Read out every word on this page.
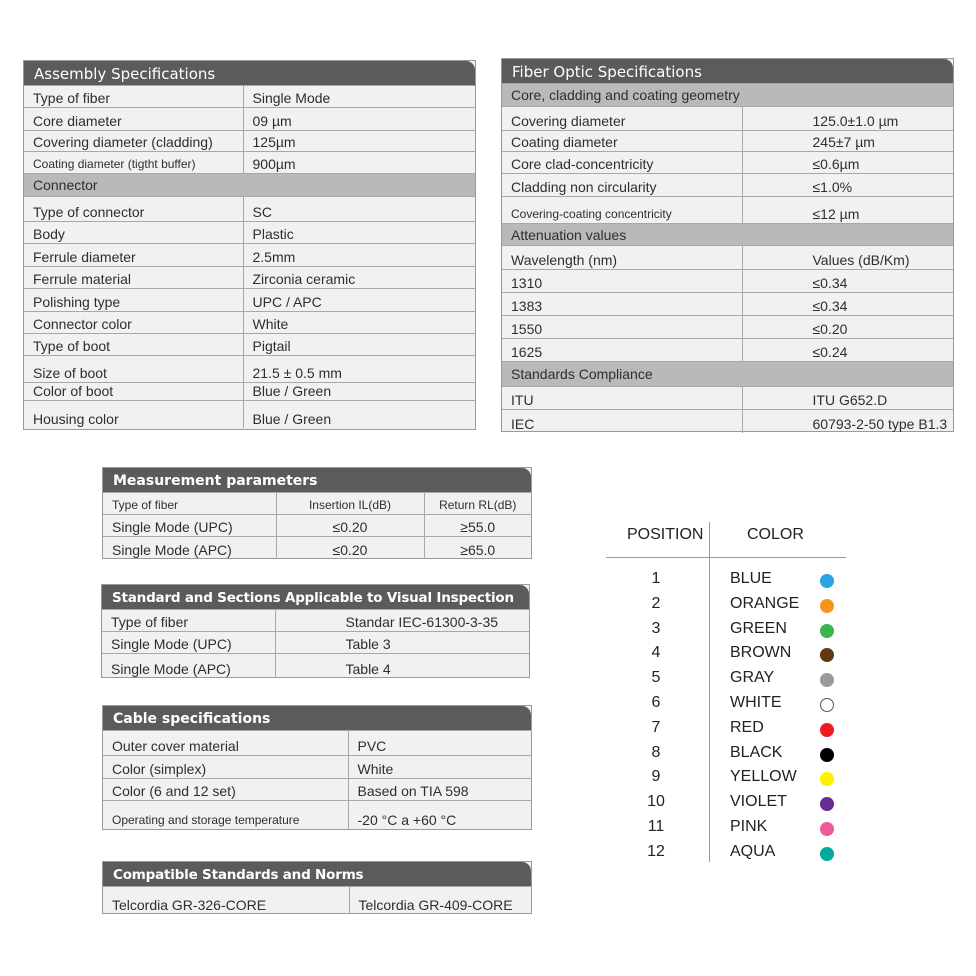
Assembly Specifications
Type of fiber	Single Mode
Core diameter	09 µm
Covering diameter (cladding)	125µm
Coating diameter (tigtht buffer)	900µm
Connector	
Type of connector	SC
Body	Plastic
Ferrule diameter	2.5mm
Ferrule material	Zirconia ceramic
Polishing type	UPC / APC
Connector color	White
Type of boot	Pigtail
Size of boot	21.5 ± 0.5 mm
Color of boot	Blue / Green
Housing color	Blue / Green
Fiber Optic Specifications
Core, cladding and coating geometry	
Covering diameter	125.0±1.0 µm
Coating diameter	245±7 µm
Core clad-concentricity	≤0.6µm
Cladding non circularity	≤1.0%
Covering-coating concentricity	≤12 µm
Attenuation values	
Wavelength (nm)	Values (dB/Km)
1310	≤0.34
1383	≤0.34
1550	≤0.20
1625	≤0.24
Standards Compliance	
ITU	ITU G652.D
IEC	60793-2-50 type B1.3
Measurement parameters
Type of fiber	Insertion IL(dB)	Return RL(dB)
Single Mode (UPC)	≤0.20	≥55.0
Single Mode (APC)	≤0.20	≥65.0
Standard and Sections Applicable to Visual Inspection
Type of fiber	Standar IEC-61300-3-35
Single Mode (UPC)	Table 3
Single Mode (APC)	Table 4
Cable specifications
Outer cover material	PVC
Color (simplex)	White
Color (6 and 12 set)	Based on TIA 598
Operating and storage temperature	-20 °C a +60 °C
Compatible Standards and Norms
Telcordia GR-326-CORE	Telcordia GR-409-CORE
POSITION	COLOR
1	BLUE
2	ORANGE
3	GREEN
4	BROWN
5	GRAY
6	WHITE
7	RED
8	BLACK
9	YELLOW
10	VIOLET
11	PINK
12	AQUA
